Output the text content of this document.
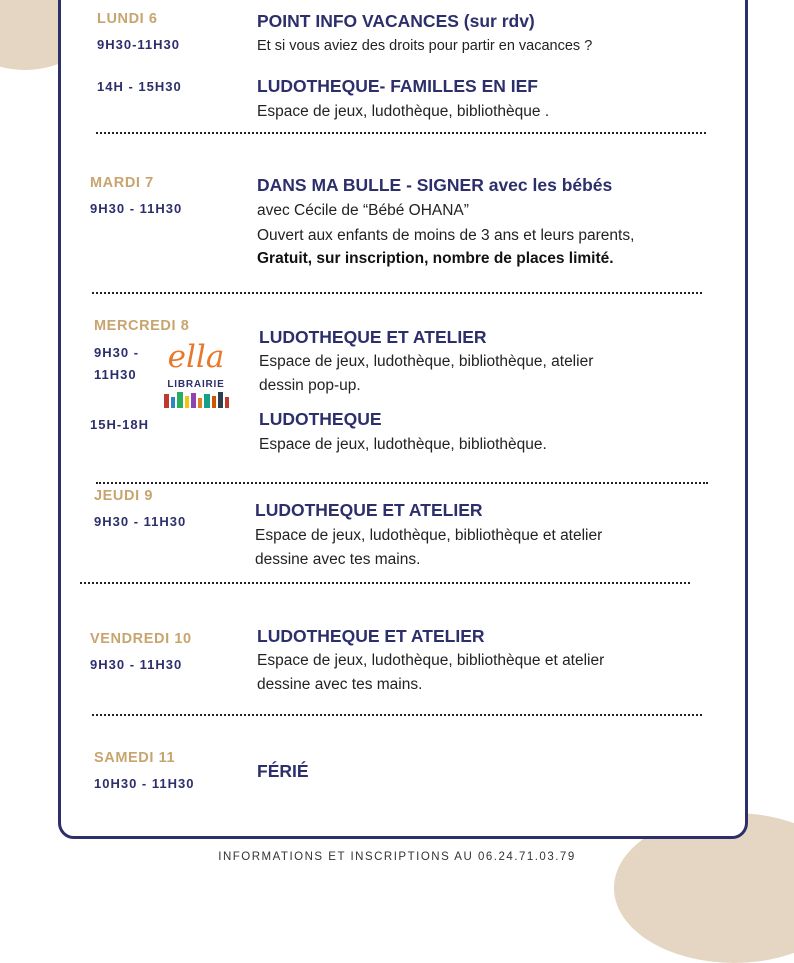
LUNDI 6
9H30-11H30
POINT INFO VACANCES (sur rdv)
Et si vous aviez des droits pour partir en vacances ?
14H - 15H30	LUDOTHEQUE- FAMILLES EN IEF
Espace de jeux, ludothèque, bibliothèque .
MARDI 7
9H30 - 11H30
DANS MA BULLE - SIGNER avec les bébés
avec Cécile de “Bébé OHANA”
Ouvert aux enfants de moins de 3 ans et leurs parents,
Gratuit, sur inscription, nombre de places limité.
MERCREDI 8
9H30 -
11H30 ella
LIBRAIRIE
LUDOTHEQUE ET ATELIER
Espace de jeux, ludothèque, bibliothèque, atelier
dessin pop-up.
15H-18H	LUDOTHEQUE
Espace de jeux, ludothèque, bibliothèque.
JEUDI 9
9H30 - 11H30
LUDOTHEQUE ET ATELIER
Espace de jeux, ludothèque, bibliothèque et atelier
dessine avec tes mains.
VENDREDI 10
9H30 - 11H30
LUDOTHEQUE ET ATELIER
Espace de jeux, ludothèque, bibliothèque et atelier
dessine avec tes mains.
SAMEDI 11
10H30 - 11H30
FÉRIÉ
INFORMATIONS ET INSCRIPTIONS AU 06.24.71.03.79
